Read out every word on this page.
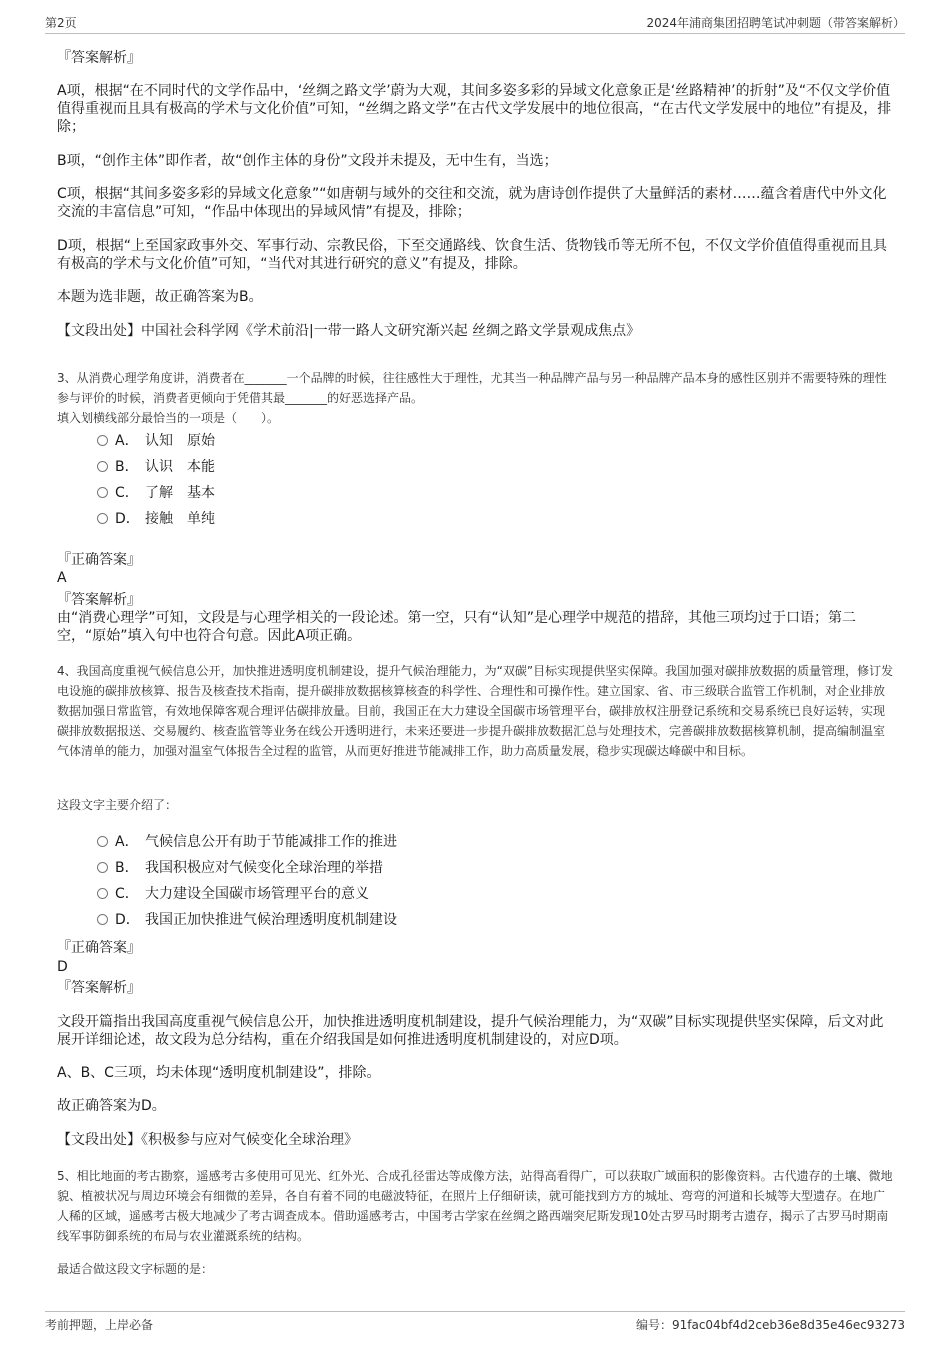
第2页	2024年浦商集团招聘笔试冲刺题（带答案解析）
『答案解析』

A项，根据“在不同时代的文学作品中，‘丝绸之路文学’蔚为大观，其间多姿多彩的异域文化意象正是‘丝路精神’的折射”及“不仅文学价值值得重视而且具有极高的学术与文化价值”可知，“丝绸之路文学”在古代文学发展中的地位很高，“在古代文学发展中的地位”有提及，排除；

B项，“创作主体”即作者，故“创作主体的身份”文段并未提及，无中生有，当选；

C项，根据“其间多姿多彩的异域文化意象”“如唐朝与域外的交往和交流，就为唐诗创作提供了大量鲜活的素材……蕴含着唐代中外文化交流的丰富信息”可知，“作品中体现出的异域风情”有提及，排除；

D项，根据“上至国家政事外交、军事行动、宗教民俗，下至交通路线、饮食生活、货物钱币等无所不包，不仅文学价值值得重视而且具有极高的学术与文化价值”可知，“当代对其进行研究的意义”有提及，排除。

本题为选非题，故正确答案为B。

【文段出处】中国社会科学网《学术前沿|一带一路人文研究渐兴起 丝绸之路文学景观成焦点》

3、从消费心理学角度讲，消费者在_______一个品牌的时候，往往感性大于理性，尤其当一种品牌产品与另一种品牌产品本身的感性区别并不需要特殊的理性参与评价的时候，消费者更倾向于凭借其最_______的好恶选择产品。

填入划横线部分最恰当的一项是（　　）。

A． 认知 原始
B． 认识 本能
C． 了解 基本
D． 接触 单纯
『正确答案』
A
『答案解析』

由“消费心理学”可知，文段是与心理学相关的一段论述。第一空，只有“认知”是心理学中规范的措辞，其他三项均过于口语；第二空，“原始”填入句中也符合句意。因此A项正确。

4、我国高度重视气候信息公开，加快推进透明度机制建设，提升气候治理能力，为“双碳”目标实现提供坚实保障。我国加强对碳排放数据的质量管理，修订发电设施的碳排放核算、报告及核查技术指南，提升碳排放数据核算核查的科学性、合理性和可操作性。建立国家、省、市三级联合监管工作机制，对企业排放数据加强日常监管，有效地保障客观合理评估碳排放量。目前，我国正在大力建设全国碳市场管理平台，碳排放权注册登记系统和交易系统已良好运转，实现碳排放数据报送、交易履约、核查监管等业务在线公开透明进行，未来还要进一步提升碳排放数据汇总与处理技术，完善碳排放数据核算机制，提高编制温室气体清单的能力，加强对温室气体报告全过程的监管，从而更好推进节能减排工作，助力高质量发展，稳步实现碳达峰碳中和目标。

这段文字主要介绍了：

A． 气候信息公开有助于节能减排工作的推进
B． 我国积极应对气候变化全球治理的举措
C． 大力建设全国碳市场管理平台的意义
D． 我国正加快推进气候治理透明度机制建设
『正确答案』
D
『答案解析』

文段开篇指出我国高度重视气候信息公开，加快推进透明度机制建设，提升气候治理能力，为“双碳”目标实现提供坚实保障，后文对此展开详细论述，故文段为总分结构，重在介绍我国是如何推进透明度机制建设的，对应D项。

A、B、C三项，均未体现“透明度机制建设”，排除。

故正确答案为D。

【文段出处】《积极参与应对气候变化全球治理》

5、相比地面的考古勘察，遥感考古多使用可见光、红外光、合成孔径雷达等成像方法，站得高看得广，可以获取广域面积的影像资料。古代遗存的土壤、微地貌、植被状况与周边环境会有细微的差异，各自有着不同的电磁波特征，在照片上仔细研读，就可能找到方方的城址、弯弯的河道和长城等大型遗存。在地广人稀的区域，遥感考古极大地减少了考古调查成本。借助遥感考古，中国考古学家在丝绸之路西端突尼斯发现10处古罗马时期考古遗存，揭示了古罗马时期南线军事防御系统的布局与农业灌溉系统的结构。

最适合做这段文字标题的是：

考前押题，上岸必备	编号：91fac04bf4d2ceb36e8d35e46ec93273
